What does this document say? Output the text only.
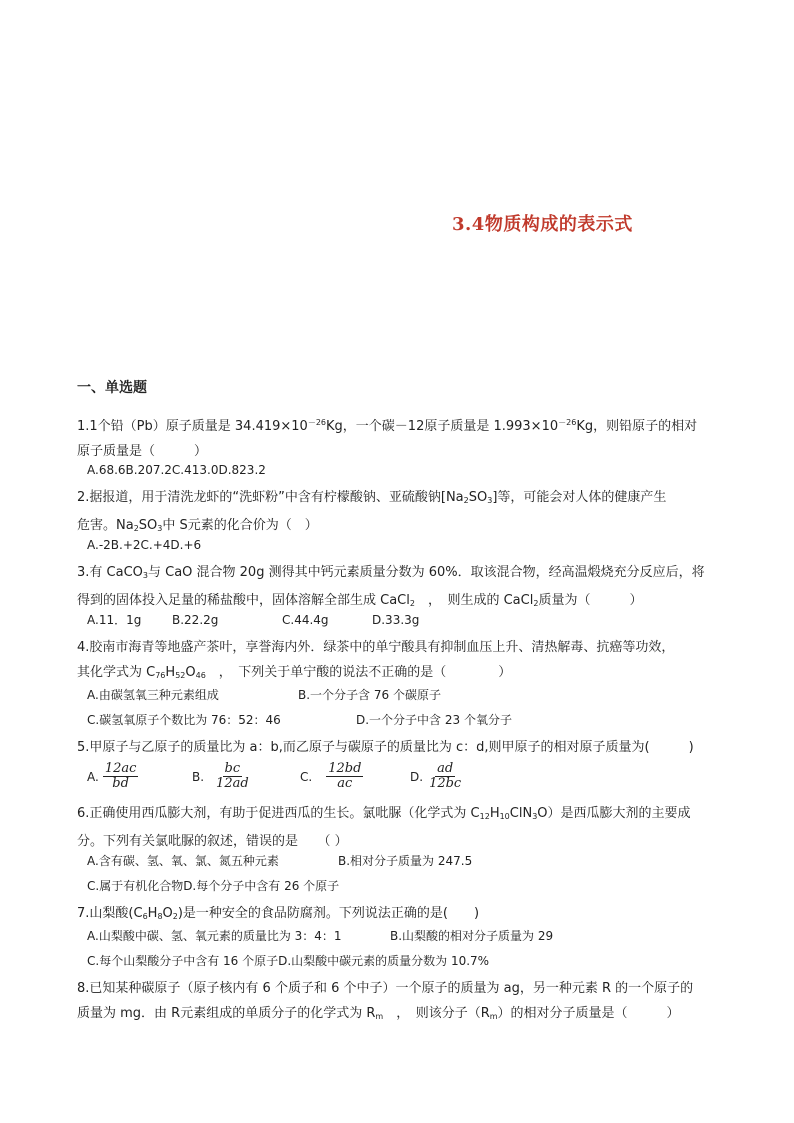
3.4物质构成的表示式
一、单选题
1.1个铅（Pb）原子质量是 $34.419\times 10^{-26}Kg$，一个碳－12原子质量是 $1.993\times 10^{-26}Kg$，则铅原子的相对
原子质量是（　　　）
A.68.6B.207.2C.413.0D.823.2
2.据报道，用于清洗龙虾的“洗虾粉”中含有柠檬酸钠、亚硫酸钠$[Na_2SO_3]$等，可能会对人体的健康产生
危害。$Na_2SO_3$中 S元素的化合价为（　）
A.-2B.+2C.+4D.+6
3.有 CaCO$_3$与 CaO 混合物 20g 测得其中钙元素质量分数为 60%．取该混合物，经高温煅烧充分反应后，将
得到的固体投入足量的稀盐酸中，固体溶解全部生成 CaCl$_2$　，　则生成的 CaCl$_2$质量为（　　　）
A.11．1g	B.22.2g	C.44.4g	D.33.3g
4.胶南市海青等地盛产茶叶，享誉海内外．绿茶中的单宁酸具有抑制血压上升、清热解毒、抗癌等功效，
其化学式为 $C_{76}H_{52}O_{46}$　，　下列关于单宁酸的说法不正确的是（　　　　）
A.由碳氢氧三种元素组成	B.一个分子含 76 个碳原子
C.碳氢氧原子个数比为 76：52：46	D.一个分子中含 23 个氧分子
5.甲原子与乙原子的质量比为 a：b,而乙原子与碳原子的质量比为 c：d,则甲原子的相对原子质量为(　　　)
A. $\frac{12ac}{bd}$	B. $\frac{bc}{12ad}$	C. $\frac{12bd}{ac}$	D. $\frac{ad}{12bc}$
6.正确使用西瓜膨大剂，有助于促进西瓜的生长。氯吡脲（化学式为 $C_{12}H_{10}ClN_3O$）是西瓜膨大剂的主要成
分。下列有关氯吡脲的叙述，错误的是　　（ ）
A.含有碳、氢、氧、氯、氮五种元素	B.相对分子质量为 247.5
C.属于有机化合物D.每个分子中含有 26 个原子
7.山梨酸$(C_6H_8O_2)$是一种安全的食品防腐剂。下列说法正确的是(　　)
A.山梨酸中碳、氢、氧元素的质量比为 3：4：1	B.山梨酸的相对分子质量为 29
C.每个山梨酸分子中含有 16 个原子D.山梨酸中碳元素的质量分数为 10.7%
8.已知某种碳原子（原子核内有 6 个质子和 6 个中子）一个原子的质量为 ag，另一种元素 R 的一个原子的
质量为 mg．由 R元素组成的单质分子的化学式为 $R_m$　，　则该分子$(R_m)$的相对分子质量是（　　　）
